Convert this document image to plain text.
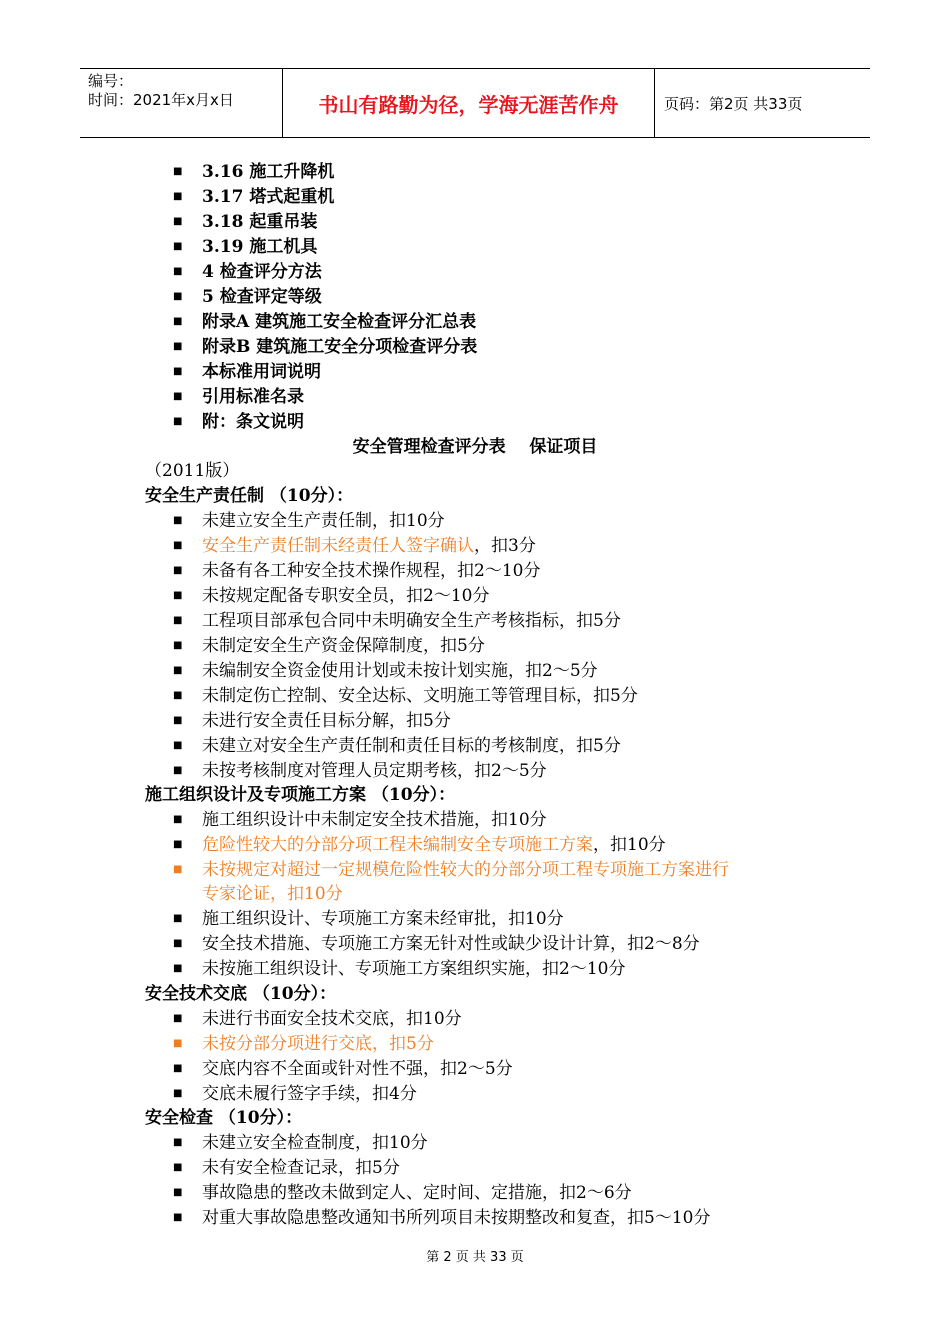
编号：
时间：2021年x月x日	书山有路勤为径，学海无涯苦作舟	页码：第2页 共33页
■ 3.16 施工升降机
■ 3.17 塔式起重机
■ 3.18 起重吊装
■ 3.19 施工机具
■ 4 检查评分方法
■ 5 检查评定等级
■ 附录A 建筑施工安全检查评分汇总表
■ 附录B 建筑施工安全分项检查评分表
■ 本标准用词说明
■ 引用标准名录
■ 附：条文说明
安全管理检查评分表    保证项目
（2011版）
安全生产责任制 （10分）：
■ 未建立安全生产责任制，扣10分
■ 安全生产责任制未经责任人签字确认，扣3分
■ 未备有各工种安全技术操作规程，扣2～10分
■ 未按规定配备专职安全员，扣2～10分
■ 工程项目部承包合同中未明确安全生产考核指标，扣5分
■ 未制定安全生产资金保障制度，扣5分
■ 未编制安全资金使用计划或未按计划实施，扣2～5分
■ 未制定伤亡控制、安全达标、文明施工等管理目标，扣5分
■ 未进行安全责任目标分解，扣5分
■ 未建立对安全生产责任制和责任目标的考核制度，扣5分
■ 未按考核制度对管理人员定期考核，扣2～5分
施工组织设计及专项施工方案 （10分）：
■ 施工组织设计中未制定安全技术措施，扣10分
■ 危险性较大的分部分项工程未编制安全专项施工方案，扣10分
■ 未按规定对超过一定规模危险性较大的分部分项工程专项施工方案进行
专家论证，扣10分
■ 施工组织设计、专项施工方案未经审批，扣10分
■ 安全技术措施、专项施工方案无针对性或缺少设计计算，扣2～8分
■ 未按施工组织设计、专项施工方案组织实施，扣2～10分
安全技术交底 （10分）：
■ 未进行书面安全技术交底，扣10分
■ 未按分部分项进行交底，扣5分
■ 交底内容不全面或针对性不强，扣2～5分
■ 交底未履行签字手续，扣4分
安全检查 （10分）：
■ 未建立安全检查制度，扣10分
■ 未有安全检查记录，扣5分
■ 事故隐患的整改未做到定人、定时间、定措施，扣2～6分
■ 对重大事故隐患整改通知书所列项目未按期整改和复查，扣5～10分
第 2 页 共 33 页
